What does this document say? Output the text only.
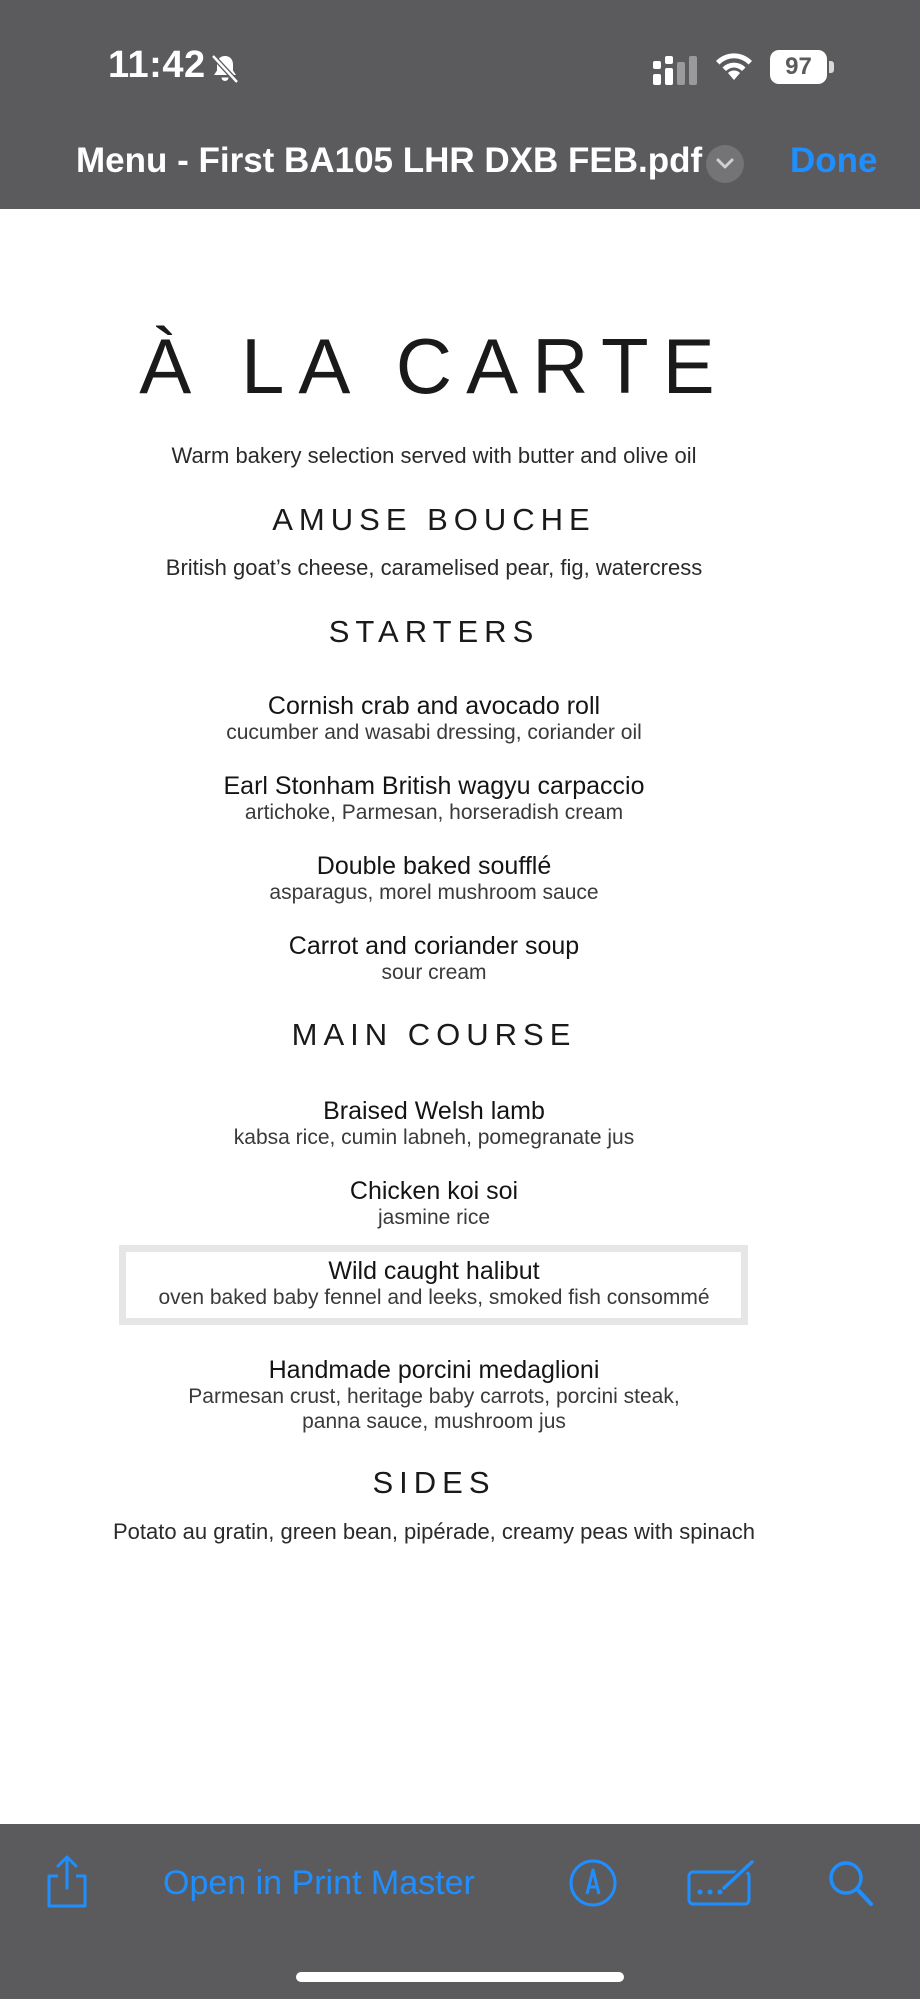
11:42	97
Menu - First BA105 LHR DXB FEB.pdf	Done
À LA CARTE
Warm bakery selection served with butter and olive oil
AMUSE BOUCHE
British goat’s cheese, caramelised pear, fig, watercress
STARTERS
Cornish crab and avocado roll
cucumber and wasabi dressing, coriander oil
Earl Stonham British wagyu carpaccio
artichoke, Parmesan, horseradish cream
Double baked soufflé
asparagus, morel mushroom sauce
Carrot and coriander soup
sour cream
MAIN COURSE
Braised Welsh lamb
kabsa rice, cumin labneh, pomegranate jus
Chicken koi soi
jasmine rice
Wild caught halibut
oven baked baby fennel and leeks, smoked fish consommé
Handmade porcini medaglioni
Parmesan crust, heritage baby carrots, porcini steak,
panna sauce, mushroom jus
SIDES
Potato au gratin, green bean, pipérade, creamy peas with spinach
Open in Print Master
